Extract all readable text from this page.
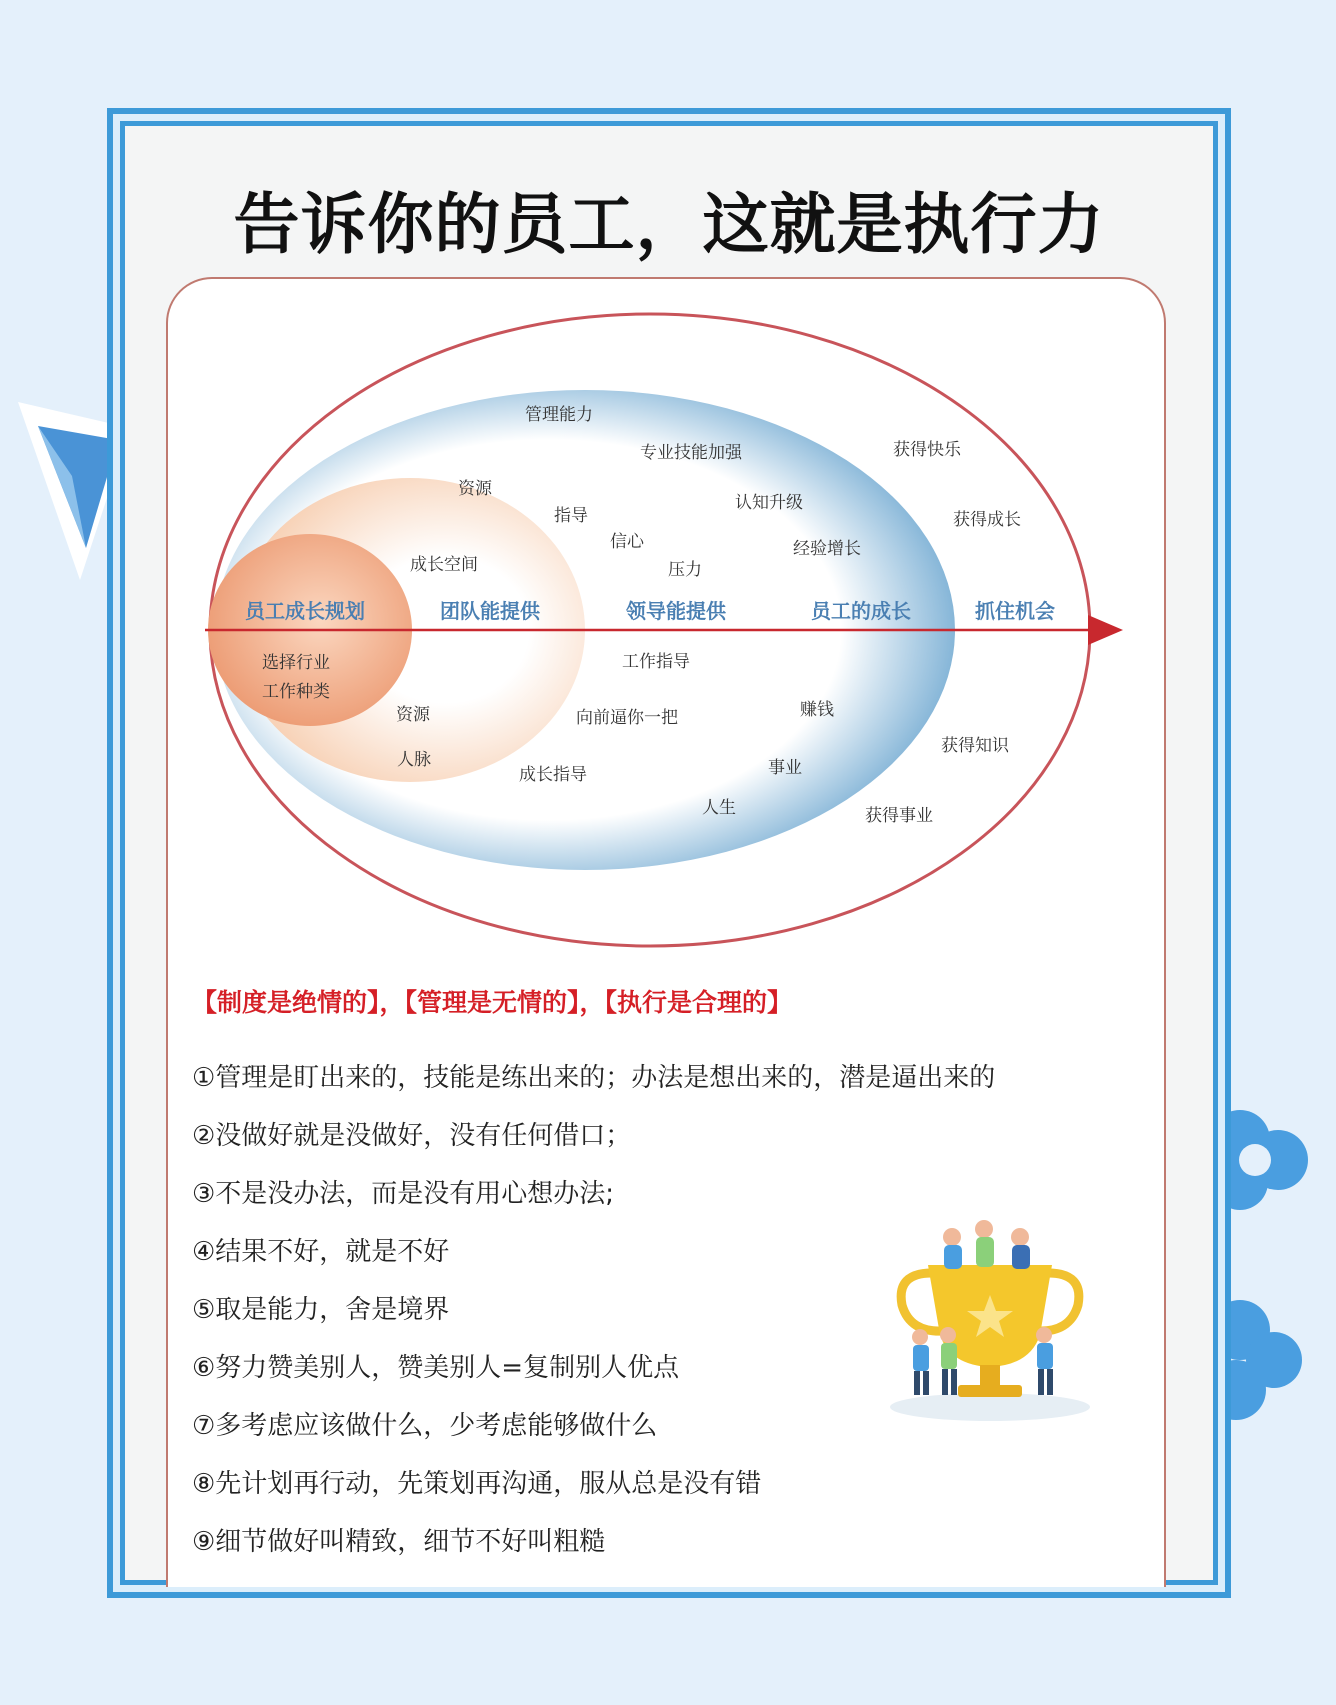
告诉你的员工，这就是执行力
员工成长规划	团队能提供	领导能提供	员工的成长	抓住机会
管理能力
专业技能加强	获得快乐
资源
指导
认知升级
信心
获得成长
成长空间
经验增长
压力
选择行业
工作种类
工作指导
赚钱
资源	向前逼你一把
获得知识
人脉
成长指导	事业
人生	获得事业
【制度是绝情的】，【管理是无情的】，【执行是合理的】
①管理是盯出来的，技能是练出来的；办法是想出来的，潜是逼出来的
②没做好就是没做好，没有任何借口；
③不是没办法，而是没有用心想办法;
④结果不好，就是不好
⑤取是能力，舍是境界
⑥努力赞美别人，赞美别人=复制别人优点
⑦多考虑应该做什么，少考虑能够做什么
⑧先计划再行动，先策划再沟通，服从总是没有错
⑨细节做好叫精致，细节不好叫粗糙
